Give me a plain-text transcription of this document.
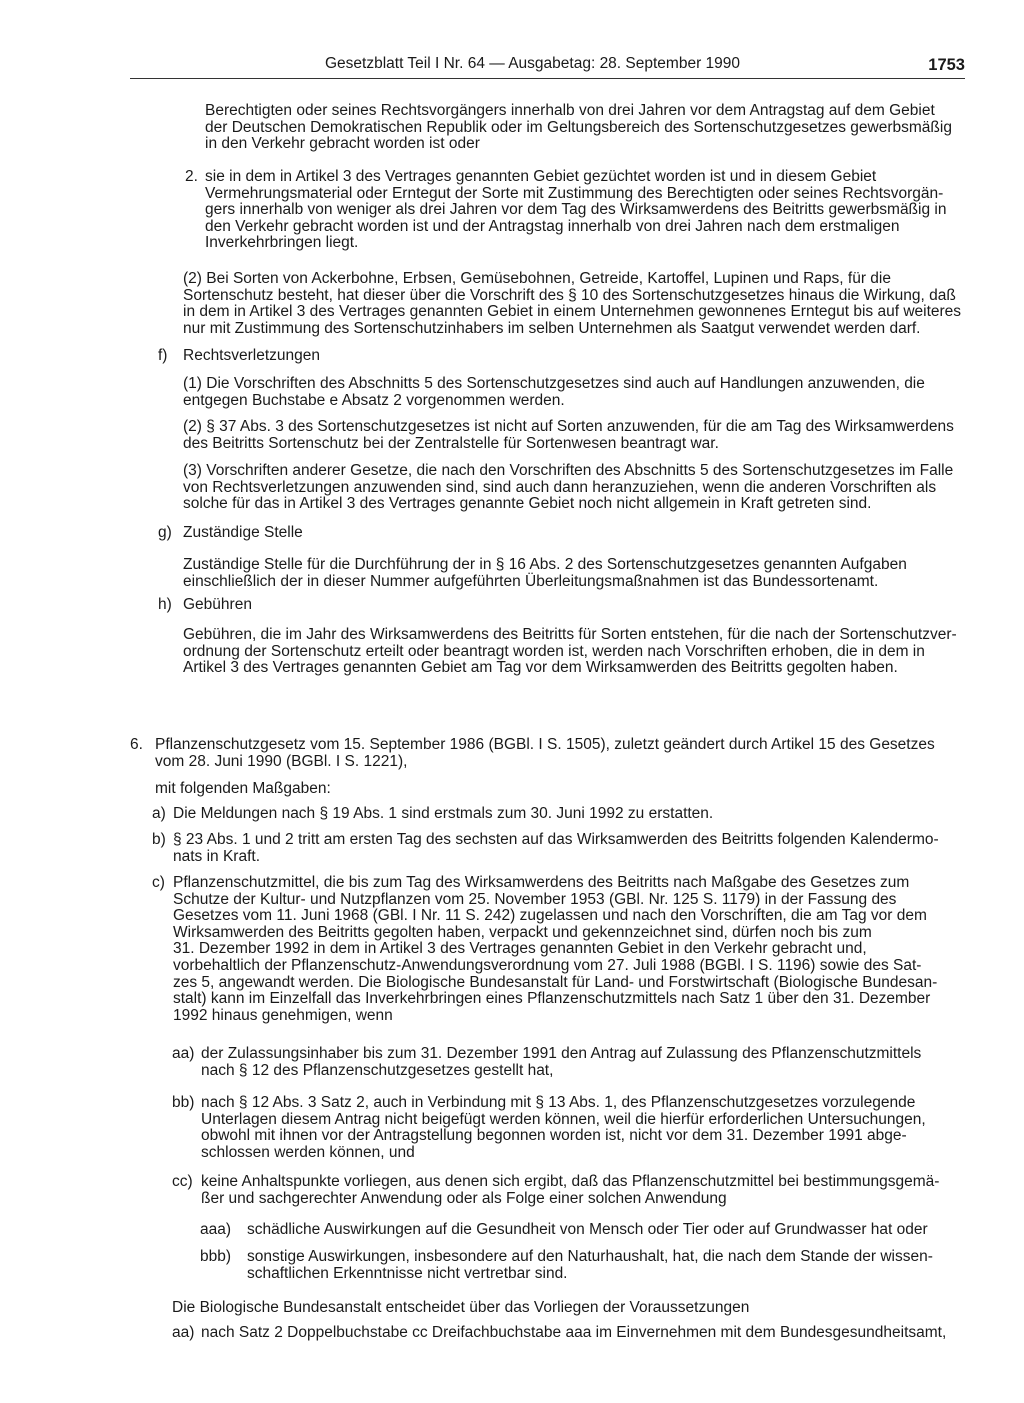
Gesetzblatt Teil I Nr. 64 — Ausgabetag: 28. September 1990	1753
Berechtigten oder seines Rechtsvorgängers innerhalb von drei Jahren vor dem Antragstag auf dem Gebiet
der Deutschen Demokratischen Republik oder im Geltungsbereich des Sortenschutzgesetzes gewerbsmäßig
in den Verkehr gebracht worden ist oder
2. sie in dem in Artikel 3 des Vertrages genannten Gebiet gezüchtet worden ist und in diesem Gebiet
Vermehrungsmaterial oder Erntegut der Sorte mit Zustimmung des Berechtigten oder seines Rechtsvorgän-
gers innerhalb von weniger als drei Jahren vor dem Tag des Wirksamwerdens des Beitritts gewerbsmäßig in
den Verkehr gebracht worden ist und der Antragstag innerhalb von drei Jahren nach dem erstmaligen
Inverkehrbringen liegt.
(2) Bei Sorten von Ackerbohne, Erbsen, Gemüsebohnen, Getreide, Kartoffel, Lupinen und Raps, für die
Sortenschutz besteht, hat dieser über die Vorschrift des § 10 des Sortenschutzgesetzes hinaus die Wirkung, daß
in dem in Artikel 3 des Vertrages genannten Gebiet in einem Unternehmen gewonnenes Erntegut bis auf weiteres
nur mit Zustimmung des Sortenschutzinhabers im selben Unternehmen als Saatgut verwendet werden darf.
f) Rechtsverletzungen
(1) Die Vorschriften des Abschnitts 5 des Sortenschutzgesetzes sind auch auf Handlungen anzuwenden, die
entgegen Buchstabe e Absatz 2 vorgenommen werden.
(2) § 37 Abs. 3 des Sortenschutzgesetzes ist nicht auf Sorten anzuwenden, für die am Tag des Wirksamwerdens
des Beitritts Sortenschutz bei der Zentralstelle für Sortenwesen beantragt war.
(3) Vorschriften anderer Gesetze, die nach den Vorschriften des Abschnitts 5 des Sortenschutzgesetzes im Falle
von Rechtsverletzungen anzuwenden sind, sind auch dann heranzuziehen, wenn die anderen Vorschriften als
solche für das in Artikel 3 des Vertrages genannte Gebiet noch nicht allgemein in Kraft getreten sind.
g) Zuständige Stelle
Zuständige Stelle für die Durchführung der in § 16 Abs. 2 des Sortenschutzgesetzes genannten Aufgaben
einschließlich der in dieser Nummer aufgeführten Überleitungsmaßnahmen ist das Bundessortenamt.
h) Gebühren
Gebühren, die im Jahr des Wirksamwerdens des Beitritts für Sorten entstehen, für die nach der Sortenschutzver-
ordnung der Sortenschutz erteilt oder beantragt worden ist, werden nach Vorschriften erhoben, die in dem in
Artikel 3 des Vertrages genannten Gebiet am Tag vor dem Wirksamwerden des Beitritts gegolten haben.
6. Pflanzenschutzgesetz vom 15. September 1986 (BGBl. I S. 1505), zuletzt geändert durch Artikel 15 des Gesetzes
vom 28. Juni 1990 (BGBl. I S. 1221),
mit folgenden Maßgaben:
a) Die Meldungen nach § 19 Abs. 1 sind erstmals zum 30. Juni 1992 zu erstatten.
b) § 23 Abs. 1 und 2 tritt am ersten Tag des sechsten auf das Wirksamwerden des Beitritts folgenden Kalendermo-
nats in Kraft.
c) Pflanzenschutzmittel, die bis zum Tag des Wirksamwerdens des Beitritts nach Maßgabe des Gesetzes zum
Schutze der Kultur- und Nutzpflanzen vom 25. November 1953 (GBl. Nr. 125 S. 1179) in der Fassung des
Gesetzes vom 11. Juni 1968 (GBl. I Nr. 11 S. 242) zugelassen und nach den Vorschriften, die am Tag vor dem
Wirksamwerden des Beitritts gegolten haben, verpackt und gekennzeichnet sind, dürfen noch bis zum
31. Dezember 1992 in dem in Artikel 3 des Vertrages genannten Gebiet in den Verkehr gebracht und,
vorbehaltlich der Pflanzenschutz-Anwendungsverordnung vom 27. Juli 1988 (BGBl. I S. 1196) sowie des Sat-
zes 5, angewandt werden. Die Biologische Bundesanstalt für Land- und Forstwirtschaft (Biologische Bundesan-
stalt) kann im Einzelfall das Inverkehrbringen eines Pflanzenschutzmittels nach Satz 1 über den 31. Dezember
1992 hinaus genehmigen, wenn
aa) der Zulassungsinhaber bis zum 31. Dezember 1991 den Antrag auf Zulassung des Pflanzenschutzmittels
nach § 12 des Pflanzenschutzgesetzes gestellt hat,
bb) nach § 12 Abs. 3 Satz 2, auch in Verbindung mit § 13 Abs. 1, des Pflanzenschutzgesetzes vorzulegende
Unterlagen diesem Antrag nicht beigefügt werden können, weil die hierfür erforderlichen Untersuchungen,
obwohl mit ihnen vor der Antragstellung begonnen worden ist, nicht vor dem 31. Dezember 1991 abge-
schlossen werden können, und
cc) keine Anhaltspunkte vorliegen, aus denen sich ergibt, daß das Pflanzenschutzmittel bei bestimmungsgemä-
ßer und sachgerechter Anwendung oder als Folge einer solchen Anwendung
aaa) schädliche Auswirkungen auf die Gesundheit von Mensch oder Tier oder auf Grundwasser hat oder
bbb) sonstige Auswirkungen, insbesondere auf den Naturhaushalt, hat, die nach dem Stande der wissen-
schaftlichen Erkenntnisse nicht vertretbar sind.
Die Biologische Bundesanstalt entscheidet über das Vorliegen der Voraussetzungen
aa) nach Satz 2 Doppelbuchstabe cc Dreifachbuchstabe aaa im Einvernehmen mit dem Bundesgesundheitsamt,
